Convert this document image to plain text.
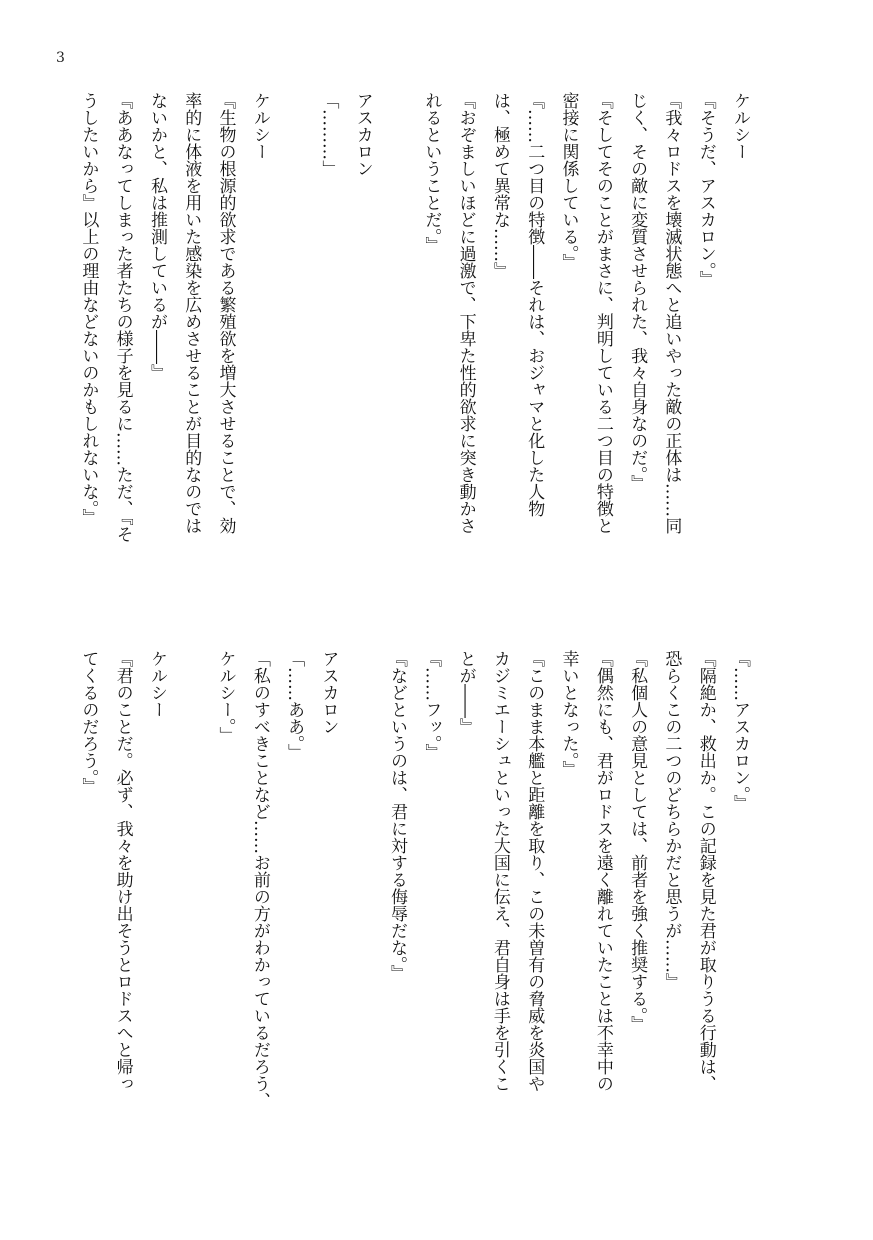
3
ケルシー
『そうだ、アスカロン。』
『我々ロドスを壊滅状態へと追いやった敵の正体は……同
じく、その敵に変質させられた、我々自身なのだ。』
『そしてそのことがまさに、判明している二つ目の特徴と
密接に関係している。』
『……二つ目の特徴――それは、おジャマと化した人物
は、極めて異常な……』
『おぞましいほどに過激で、下卑た性的欲求に突き動かさ
れるということだ。』
アスカロン
「………」
ケルシー
『生物の根源的欲求である繁殖欲を増大させることで、効
率的に体液を用いた感染を広めさせることが目的なのでは
ないかと、私は推測しているが――』
『ああなってしまった者たちの様子を見るに……ただ、『そ
うしたいから』以上の理由などないのかもしれないな。』
『……アスカロン。』
『隔絶か、救出か。この記録を見た君が取りうる行動は、
恐らくこの二つのどちらかだと思うが……』
『私個人の意見としては、前者を強く推奨する。』
『偶然にも、君がロドスを遠く離れていたことは不幸中の
幸いとなった。』
『このまま本艦と距離を取り、この未曽有の脅威を炎国や
カジミエーシュといった大国に伝え、君自身は手を引くこ
とが――』
『……フッ。』
『などというのは、君に対する侮辱だな。』
アスカロン
「……ああ。」
「私のすべきことなど……お前の方がわかっているだろう、
ケルシー。」
ケルシー
『君のことだ。必ず、我々を助け出そうとロドスへと帰っ
てくるのだろう。』
